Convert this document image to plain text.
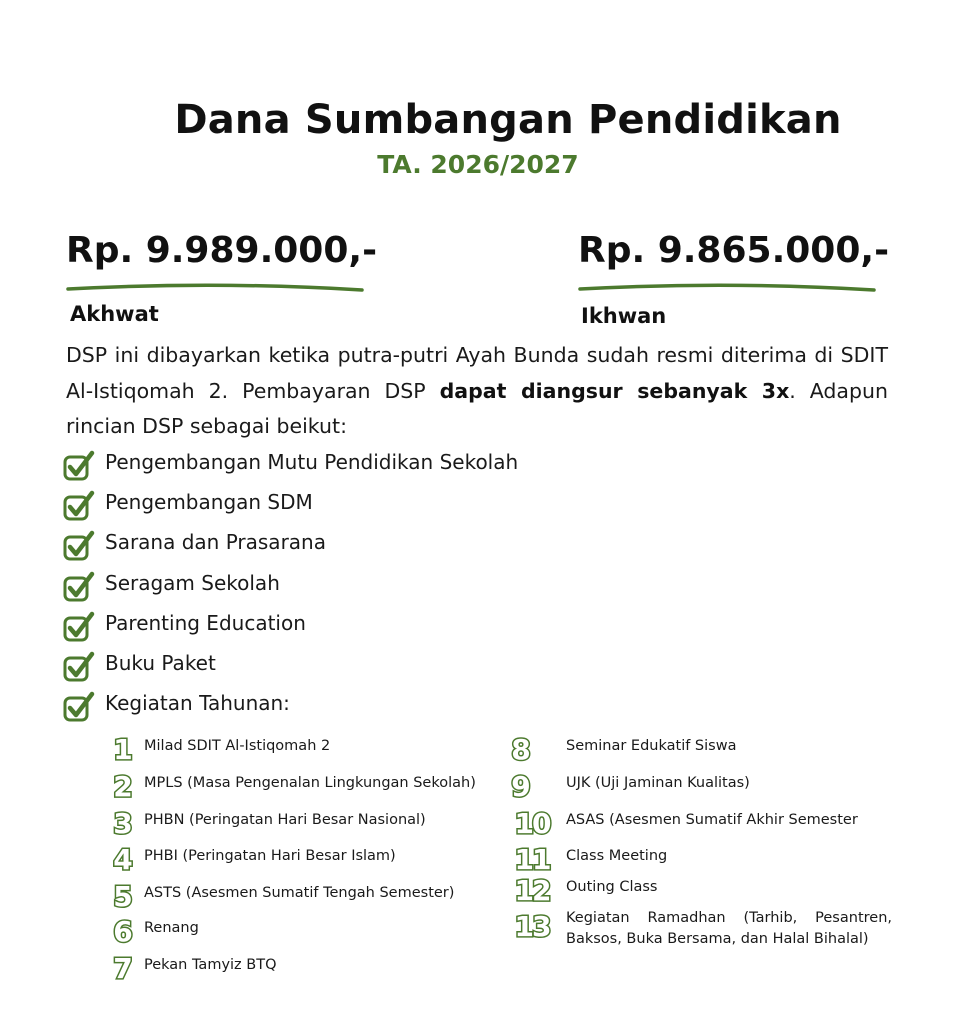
Dana Sumbangan Pendidikan
TA. 2026/2027
Rp. 9.989.000,-
Akhwat
Rp. 9.865.000,-
Ikhwan

DSP ini dibayarkan ketika putra-putri Ayah Bunda sudah resmi diterima di SDIT Al-Istiqomah 2. Pembayaran DSP dapat diangsur sebanyak 3x. Adapun rincian DSP sebagai beikut:

Pengembangan Mutu Pendidikan Sekolah
Pengembangan SDM
Sarana dan Prasarana
Seragam Sekolah
Parenting Education
Buku Paket
Kegiatan Tahunan:
1 Milad SDIT Al-Istiqomah 2
2 MPLS (Masa Pengenalan Lingkungan Sekolah)
3 PHBN (Peringatan Hari Besar Nasional)
4 PHBI (Peringatan Hari Besar Islam)
5 ASTS (Asesmen Sumatif Tengah Semester)
6 Renang
7 Pekan Tamyiz BTQ
8 Seminar Edukatif Siswa
9 UJK (Uji Jaminan Kualitas)
10 ASAS (Asesmen Sumatif Akhir Semester
11 Class Meeting
12 Outing Class
13 Kegiatan Ramadhan (Tarhib, Pesantren, Baksos, Buka Bersama, dan Halal Bihalal)
